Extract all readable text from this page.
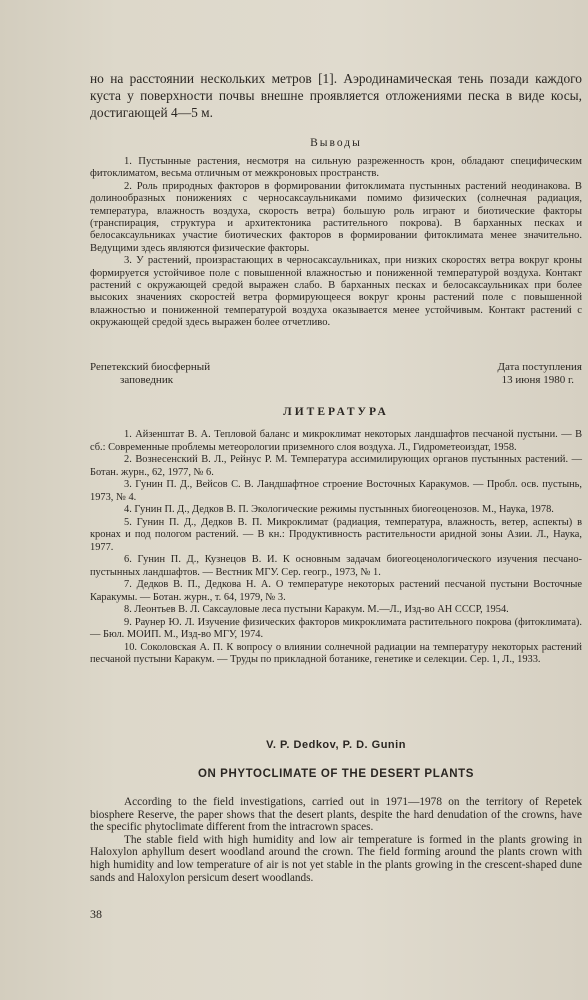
но на расстоянии нескольких метров [1]. Аэродинамическая тень позади каждого куста у поверхности почвы внешне проявляется отложениями песка в виде косы, достигающей 4—5 м.

Выводы

1. Пустынные растения, несмотря на сильную разреженность крон, обладают специфическим фитоклиматом, весьма отличным от межкроновых пространств.

2. Роль природных факторов в формировании фитоклимата пустынных растений неодинакова. В долинообразных понижениях с черносаксаульниками помимо физических (солнечная радиация, температура, влажность воздуха, скорость ветра) большую роль играют и биотические факторы (транспирация, структура и архитектоника растительного покрова). В барханных песках и белосаксаульниках участие биотических факторов в формировании фитоклимата менее значительно. Ведущими здесь являются физические факторы.

3. У растений, произрастающих в черносаксаульниках, при низких скоростях ветра вокруг кроны формируется устойчивое поле с повышенной влажностью и пониженной температурой воздуха. Контакт растений с окружающей средой выражен слабо. В барханных песках и белосаксаульниках при более высоких значениях скоростей ветра формирующееся вокруг кроны растений поле с повышенной влажностью и пониженной температурой воздуха оказывается менее устойчивым. Контакт растений с окружающей средой здесь выражен более отчетливо.

Репетекский биосферный	Дата поступления
заповедник	13 июня 1980 г.
ЛИТЕРАТУРА

1. Айзенштат В. А. Тепловой баланс и микроклимат некоторых ландшафтов песчаной пустыни. — В сб.: Современные проблемы метеорологии приземного слоя воздуха. Л., Гидрометеоиздат, 1958.

2. Вознесенский В. Л., Рейнус Р. М. Температура ассимилирующих органов пустынных растений. — Ботан. журн., 62, 1977, № 6.

3. Гунин П. Д., Вейсов С. В. Ландшафтное строение Восточных Каракумов. — Пробл. осв. пустынь, 1973, № 4.

4. Гунин П. Д., Дедков В. П. Экологические режимы пустынных биогеоценозов. М., Наука, 1978.

5. Гунин П. Д., Дедков В. П. Микроклимат (радиация, температура, влажность, ветер, аспекты) в кронах и под пологом растений. — В кн.: Продуктивность растительности аридной зоны Азии. Л., Наука, 1977.

6. Гунин П. Д., Кузнецов В. И. К основным задачам биогеоценологического изучения песчано-пустынных ландшафтов. — Вестник МГУ. Сер. геогр., 1973, № 1.

7. Дедков В. П., Дедкова Н. А. О температуре некоторых растений песчаной пустыни Восточные Каракумы. — Ботан. журн., т. 64, 1979, № 3.

8. Леонтьев В. Л. Саксауловые леса пустыни Каракум. М.—Л., Изд-во АН СССР, 1954.

9. Раунер Ю. Л. Изучение физических факторов микроклимата растительного покрова (фитоклимата). — Бюл. МОИП. М., Изд-во МГУ, 1974.

10. Соколовская А. П. К вопросу о влиянии солнечной радиации на температуру некоторых растений песчаной пустыни Каракум. — Труды по прикладной ботанике, генетике и селекции. Сер. 1, Л., 1933.

V. P. Dedkov, P. D. Gunin
ON PHYTOCLIMATE OF THE DESERT PLANTS

According to the field investigations, carried out in 1971—1978 on the territory of Repetek biosphere Reserve, the paper shows that the desert plants, despite the hard denudation of the crowns, have the specific phytoclimate different from the intracrown spaces.

The stable field with high humidity and low air temperature is formed in the plants growing in Haloxylon aphyllum desert woodland around the crown. The field forming around the plants crown with high humidity and low temperature of air is not yet stable in the plants growing in the crescent-shaped dune sands and Haloxylon persicum desert woodlands.

38
